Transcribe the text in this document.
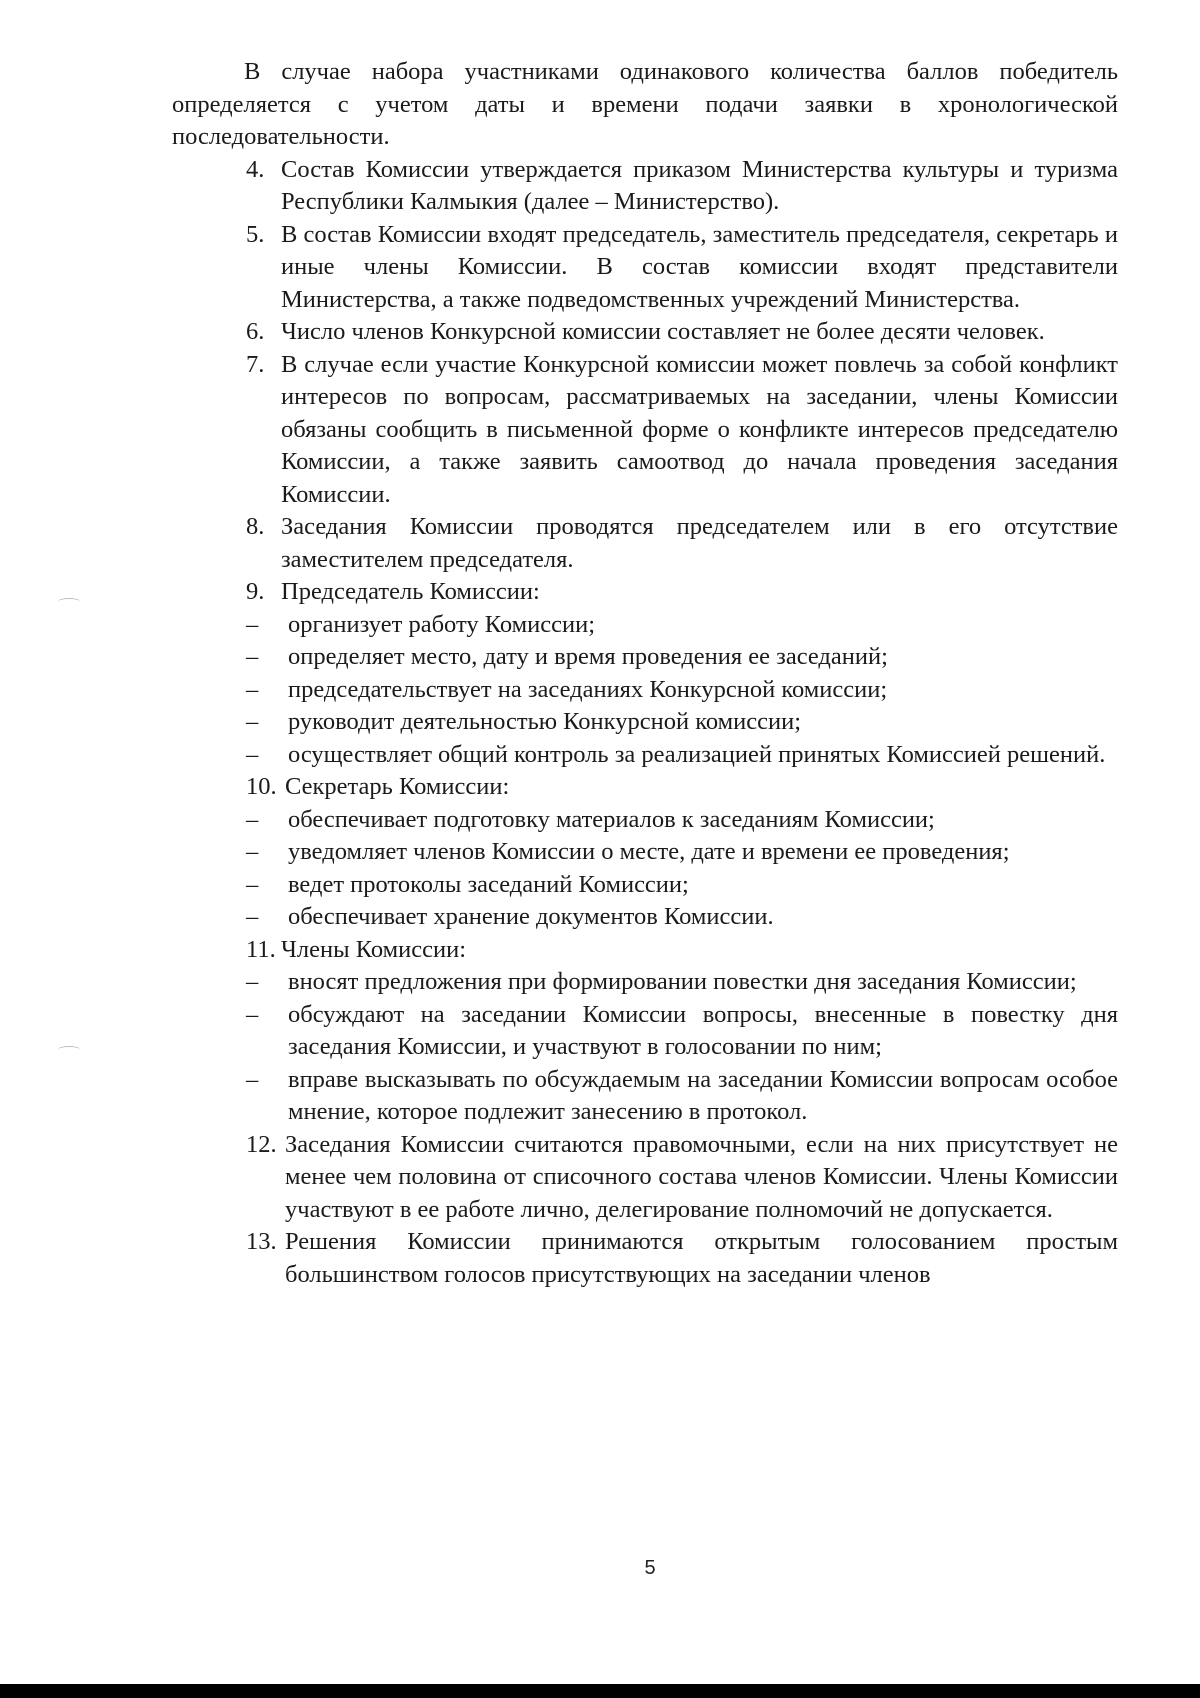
В случае набора участниками одинакового количества баллов победитель определяется с учетом даты и времени подачи заявки в хронологической последовательности.

4. Состав Комиссии утверждается приказом Министерства культуры и туризма Республики Калмыкия (далее – Министерство).
5. В состав Комиссии входят председатель, заместитель председателя, секретарь и иные члены Комиссии. В состав комиссии входят представители Министерства, а также подведомственных учреждений Министерства.
6. Число членов Конкурсной комиссии составляет не более десяти человек.
7. В случае если участие Конкурсной комиссии может повлечь за собой конфликт интересов по вопросам, рассматриваемых на заседании, члены Комиссии обязаны сообщить в письменной форме о конфликте интересов председателю Комиссии, а также заявить самоотвод до начала проведения заседания Комиссии.
8. Заседания Комиссии проводятся председателем или в его отсутствие заместителем председателя.
9. Председатель Комиссии:
–	организует работу Комиссии;
–	определяет место, дату и время проведения ее заседаний;
–	председательствует на заседаниях Конкурсной комиссии;
–	руководит деятельностью Конкурсной комиссии;
–	осуществляет общий контроль за реализацией принятых Комиссией решений.
10. Секретарь Комиссии:
–	обеспечивает подготовку материалов к заседаниям Комиссии;
–	уведомляет членов Комиссии о месте, дате и времени ее проведения;
–	ведет протоколы заседаний Комиссии;
–	обеспечивает хранение документов Комиссии.
11. Члены Комиссии:
–	вносят предложения при формировании повестки дня заседания Комиссии;
–	обсуждают на заседании Комиссии вопросы, внесенные в повестку дня заседания Комиссии, и участвуют в голосовании по ним;
–	вправе высказывать по обсуждаемым на заседании Комиссии вопросам особое мнение, которое подлежит занесению в протокол.
12. Заседания Комиссии считаются правомочными, если на них присутствует не менее чем половина от списочного состава членов Комиссии. Члены Комиссии участвуют в ее работе лично, делегирование полномочий не допускается.
13. Решения Комиссии принимаются открытым голосованием простым большинством голосов присутствующих на заседании членов
5
